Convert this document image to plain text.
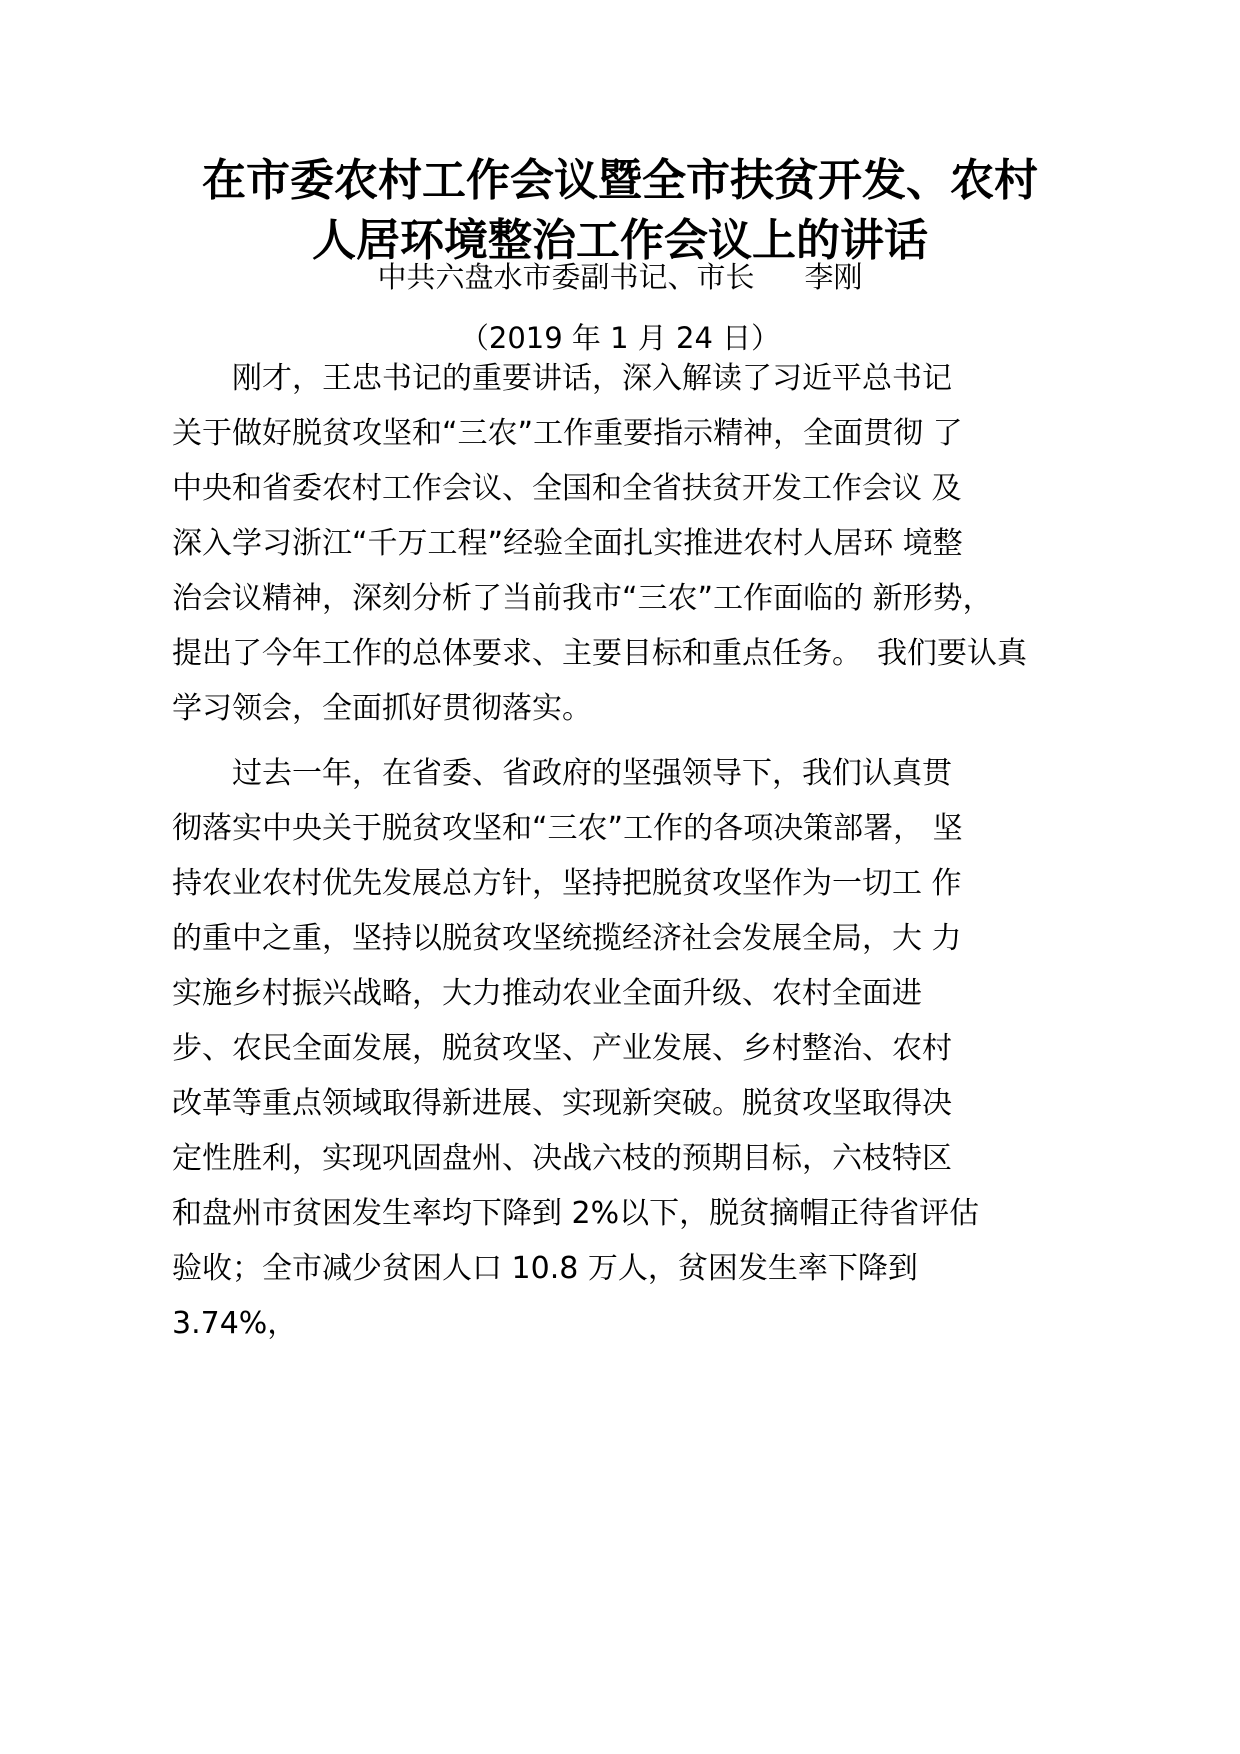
在市委农村工作会议暨全市扶贫开发、农村
人居环境整治工作会议上的讲话
中共六盘水市委副书记、市长 李刚
（2019 年 1 月 24 日）
刚才，王忠书记的重要讲话，深入解读了习近平总书记
关于做好脱贫攻坚和“三农”工作重要指示精神，全面贯彻 了
中央和省委农村工作会议、全国和全省扶贫开发工作会议 及
深入学习浙江“千万工程”经验全面扎实推进农村人居环 境整
治会议精神，深刻分析了当前我市“三农”工作面临的 新形势，
提出了今年工作的总体要求、主要目标和重点任务。　我们要认真
学习领会，全面抓好贯彻落实。
过去一年，在省委、省政府的坚强领导下，我们认真贯
彻落实中央关于脱贫攻坚和“三农”工作的各项决策部署， 坚
持农业农村优先发展总方针，坚持把脱贫攻坚作为一切工 作
的重中之重，坚持以脱贫攻坚统揽经济社会发展全局，大 力
实施乡村振兴战略，大力推动农业全面升级、农村全面进
步、农民全面发展，脱贫攻坚、产业发展、乡村整治、农村
改革等重点领域取得新进展、实现新突破。脱贫攻坚取得决
定性胜利，实现巩固盘州、决战六枝的预期目标，六枝特区
和盘州市贫困发生率均下降到 2%以下，脱贫摘帽正待省评估
验收；全市减少贫困人口 10.8 万人，贫困发生率下降到
3.74%，
